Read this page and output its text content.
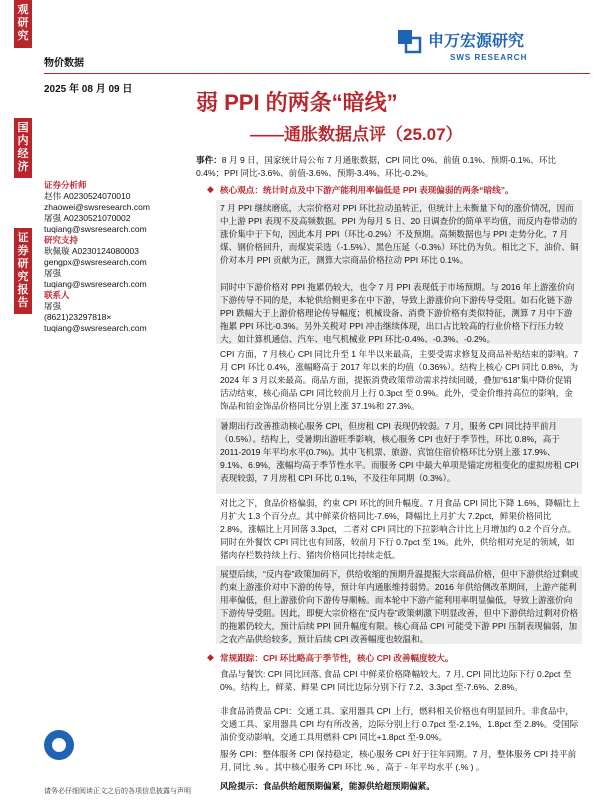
观
研
究
国
内
经
济
证
券
研
究
报
告
物价数据
申万宏源研究
SWS RESEARCH
2025 年 08 月 09 日
弱 PPI 的两条“暗线”
——通胀数据点评（25.07）
证券分析师
赵伟 A0230524070010
zhaowei@swsresearch.com
屠强 A0230521070002
tuqiang@swsresearch.com
研究支持
耿佩璇 A0230124080003
gengpx@swsresearch.com
屠强
tuqiang@swsresearch.com
联系人
屠强
(8621)23297818×
tuqiang@swsresearch.com
事件：8 月 9 日，国家统计局公布 7 月通胀数据，CPI 同比 0%、前值 0.1%、预期-0.1%、环比 0.4%；PPI 同比-3.6%、前值-3.6%、预期-3.4%、环比-0.2%。
◆ 核心观点：统计时点及中下游产能利用率偏低是 PPI 表现偏弱的两条“暗线”。
7 月 PPI 继续磨底，大宗价格对 PPI 环比拉动虽转正，但统计上未衡量下旬的涨价情况，因而中上游 PPI 表现不及高频数据。PPI 为每月 5 日、20 日调查价的简单平均值，而反内卷带动的涨价集中于下旬，因此本月 PPI（环比-0.2%）不及预期。高频数据也与 PPI 走势分化，7 月煤、钢价格回升，而煤炭采选（-1.5%）、黑色压延（-0.3%）环比仍为负。相比之下，油价、铜价对本月 PPI 贡献为正，测算大宗商品价格拉动 PPI 环比 0.1%。
同时中下游价格对 PPI 拖累仍较大，也令 7 月 PPI 表现低于市场预期。与 2016 年上游涨价向下游传导不同的是，本轮供给侧更多在中下游，导致上游涨价向下游传导受阻。如石化链下游 PPI 跌幅大于上游价格理论传导幅度；机械设备、消费下游价格有类似特征，测算 7 月中下游拖累 PPI 环比-0.3%。另外关税对 PPI 冲击继续体现，出口占比较高的行业价格下行压力较大，如计算机通信、汽车、电气机械业 PPI 环比-0.4%、-0.3%、-0.2%。
CPI 方面，7 月核心 CPI 同比升至 1 年半以来最高，主要受需求修复及商品补贴结束的影响。7 月 CPI 环比 0.4%，涨幅略高于 2017 年以来的均值（0.36%）。结构上核心 CPI 同比 0.8%，为 2024 年 3 月以来最高。商品方面，提振消费政策带动需求持续回暖，叠加“618”集中降价促销活动结束，核心商品 CPI 同比较前月上行 0.3pct 至 0.9%。此外，受金价维持高位的影响，金饰品和铂金饰品价格同比分别上涨 37.1%和 27.3%。
暑期出行改善推动核心服务 CPI，但房租 CPI 表现仍较弱。7 月，服务 CPI 同比持平前月（0.5%）。结构上，受暑期出游旺季影响，核心服务 CPI 也好于季节性，环比 0.8%，高于 2011-2019 年平均水平(0.7%)。其中飞机票、旅游、宾馆住宿价格环比分别上涨 17.9%、9.1%、6.9%，涨幅均高于季节性水平。而服务 CPI 中最大单项是锚定房租变化的虚拟房租 CPI 表现较弱，7 月房租 CPI 环比 0.1%，不及往年同期（0.3%）。
对比之下，食品价格偏弱，约束 CPI 环比的回升幅度。7 月食品 CPI 同比下降 1.6%，降幅比上月扩大 1.3 个百分点。其中鲜菜价格同比-7.6%，降幅比上月扩大 7.2pct，鲜果价格同比 2.8%，涨幅比上月回落 3.3pct，二者对 CPI 同比的下拉影响合计比上月增加约 0.2 个百分点。同时在外餐饮 CPI 同比也有回落，较前月下行 0.7pct 至 1%。此外，供给相对充足的领域，如猪肉存栏数持续上行、猪肉价格同比持续走低。
展望后续，“反内卷”政策加码下，供给收缩的预期升温提振大宗商品价格，但中下游供给过剩或约束上游涨价对中下游的传导，预计年内通胀维持弱势。2016 年供给侧改革期间，上游产能利用率偏低，但上游涨价向下游传导顺畅。而本轮中下游产能利用率明显偏低，导致上游涨价向下游传导受阻。因此，即便大宗价格在“反内卷”政策刺激下明显改善，但中下游供给过剩对价格的拖累仍较大，预计后续 PPI 回升幅度有限。核心商品 CPI 可能受下游 PPI 压制表现偏弱，加之农产品供给较多，预计后续 CPI 改善幅度也较温和。
◆ 常规跟踪：CPI 环比略高于季节性，核心 CPI 改善幅度较大。
食品与餐饮: CPI 同比回落, 食品 CPI 中鲜菜价格降幅较大。7 月, CPI 同比边际下行 0.2pct 至 0%。结构上，鲜菜、鲜果 CPI 同比边际分别下行 7.2、3.3pct 至-7.6%、2.8%。
非食品消费品 CPI：交通工具、家用器具 CPI 上行，燃料相关价格也有明显回升。非食品中，交通工具、家用器具 CPI 均有所改善，边际分别上行 0.7pct 至-2.1%，1.8pct 至 2.8%。受国际油价变动影响，交通工具用燃料 CPI 同比+1.8pct 至-9.0%。
服务 CPI：整体服务 CPI 保持稳定，核心服务 CPI 好于往年同期。7 月，整体服务 CPI 持平前月, 同比 .% 。其中核心服务 CPI 环比 .% ，高于 - 年平均水平 (.% ) 。
风险提示：食品供给超预期偏紧，能源供给超预期偏紧。
请务必仔细阅读正文之后的各项信息披露与声明
